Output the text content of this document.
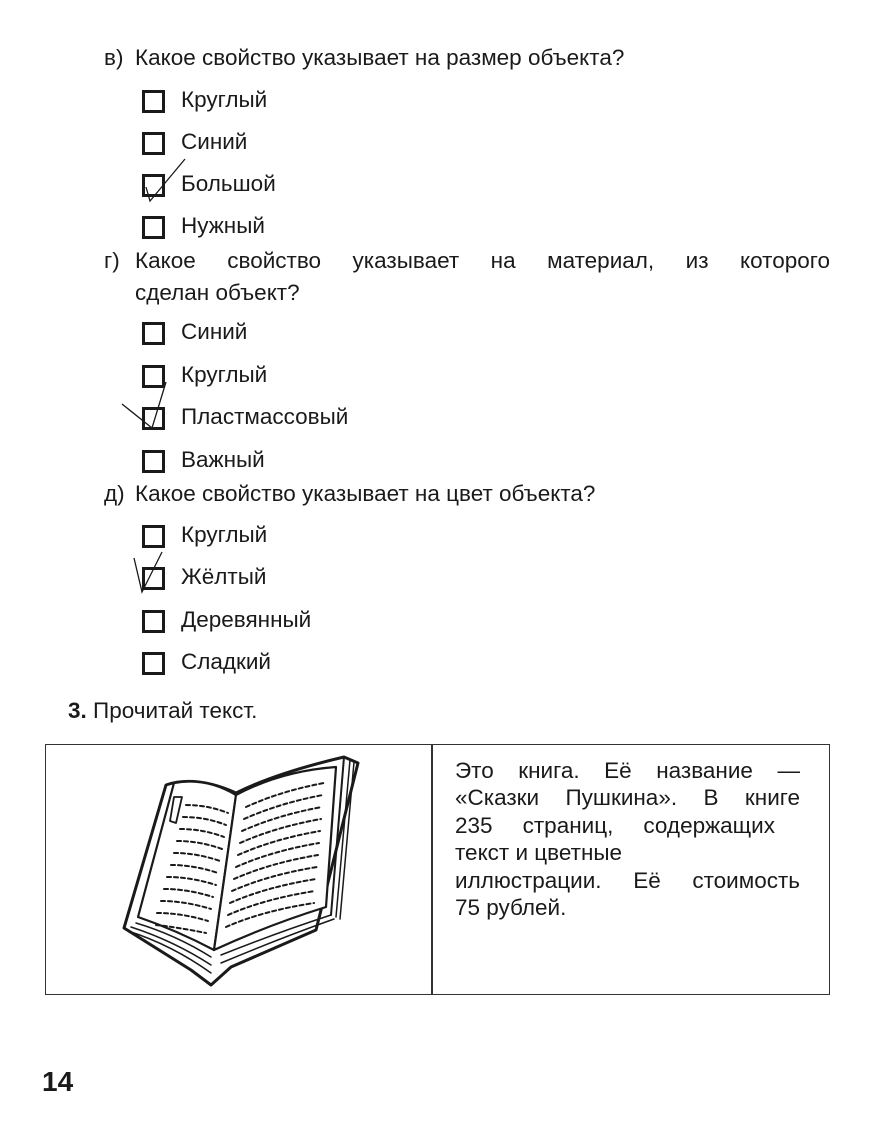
в) Какое свойство указывает на размер объекта?
Круглый
Синий
Большой
Нужный
г) Какое свойство указывает на материал, из которого
сделан объект?
Синий
Круглый
Пластмассовый
Важный
д) Какое свойство указывает на цвет объекта?
Круглый
Жёлтый
Деревянный
Сладкий
3. Прочитай текст.
Это книга. Её название —
«Сказки Пушкина». В книге
235 страниц, содержащих
текст и цветные
иллюстрации. Её стоимость
75 рублей.
14
